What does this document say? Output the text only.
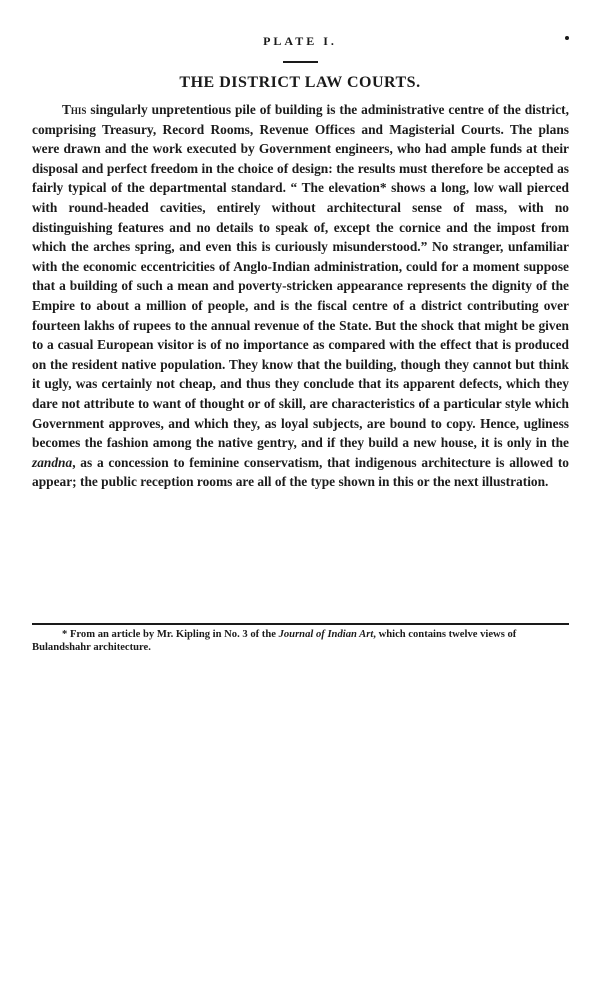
PLATE I.
THE DISTRICT LAW COURTS.

This singularly unpretentious pile of building is the administrative centre of the district, comprising Treasury, Record Rooms, Revenue Offices and Magisterial Courts. The plans were drawn and the work executed by Government engineers, who had ample funds at their disposal and perfect freedom in the choice of design: the results must therefore be accepted as fairly typical of the departmental standard. “ The elevation* shows a long, low wall pierced with round-headed cavities, entirely without architectural sense of mass, with no distinguishing features and no details to speak of, except the cornice and the impost from which the arches spring, and even this is curiously misunderstood.” No stranger, unfamiliar with the economic eccentricities of Anglo-Indian administration, could for a moment suppose that a building of such a mean and poverty-stricken appearance represents the dignity of the Empire to about a million of people, and is the fiscal centre of a district contributing over fourteen lakhs of rupees to the annual revenue of the State. But the shock that might be given to a casual European visitor is of no importance as compared with the effect that is produced on the resident native population. They know that the building, though they cannot but think it ugly, was certainly not cheap, and thus they conclude that its apparent defects, which they dare not attribute to want of thought or of skill, are characteristics of a particular style which Government approves, and which they, as loyal subjects, are bound to copy. Hence, ugliness becomes the fashion among the native gentry, and if they build a new house, it is only in the zandna, as a concession to feminine conservatism, that indigenous architecture is allowed to appear; the public reception rooms are all of the type shown in this or the next illustration.

* From an article by Mr. Kipling in No. 3 of the Journal of Indian Art, which contains twelve views of Bulandshahr architecture.
